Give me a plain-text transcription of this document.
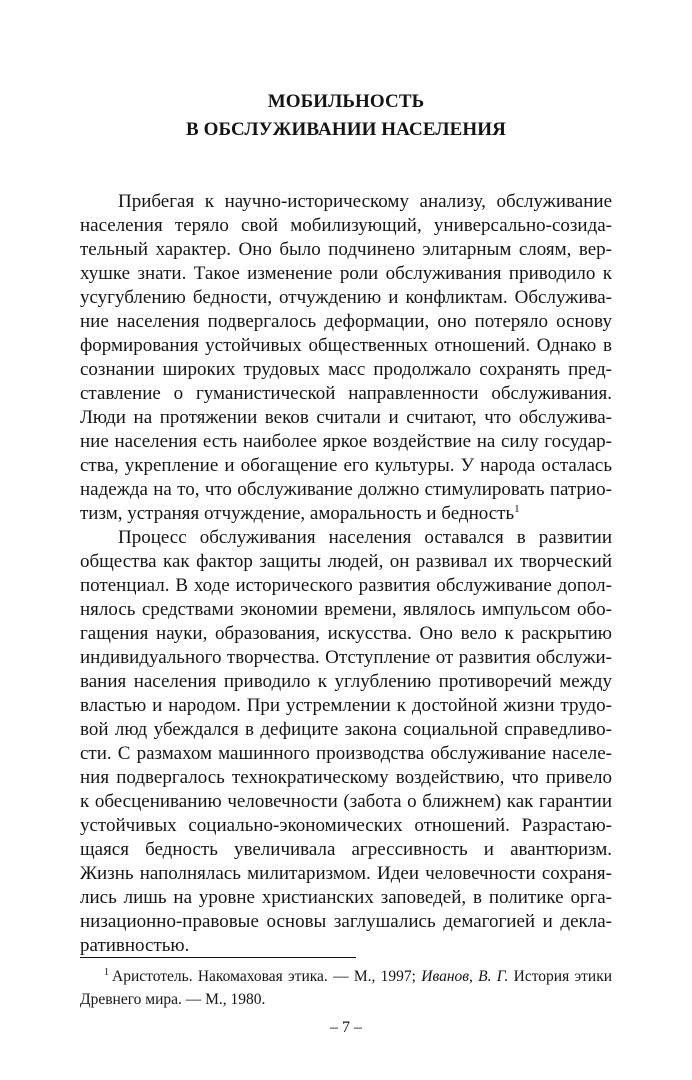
МОБИЛЬНОСТЬ
В ОБСЛУЖИВАНИИ НАСЕЛЕНИЯ
Прибегая к научно-историческому анализу, обслуживание
населения теряло свой мобилизующий, универсально-созида-
тельный характер. Оно было подчинено элитарным слоям, вер-
хушке знати. Такое изменение роли обслуживания приводило к
усугублению бедности, отчуждению и конфликтам. Обслужива-
ние населения подвергалось деформации, оно потеряло основу
формирования устойчивых общественных отношений. Однако в
сознании широких трудовых масс продолжало сохранять пред-
ставление о гуманистической направленности обслуживания.
Люди на протяжении веков считали и считают, что обслужива-
ние населения есть наиболее яркое воздействие на силу государ-
ства, укрепление и обогащение его культуры. У народа осталась
надежда на то, что обслуживание должно стимулировать патрио-
тизм, устраняя отчуждение, аморальность и бедность$^1$
Процесс обслуживания населения оставался в развитии
общества как фактор защиты людей, он развивал их творческий
потенциал. В ходе исторического развития обслуживание допол-
нялось средствами экономии времени, являлось импульсом обо-
гащения науки, образования, искусства. Оно вело к раскрытию
индивидуального творчества. Отступление от развития обслужи-
вания населения приводило к углублению противоречий между
властью и народом. При устремлении к достойной жизни трудо-
вой люд убеждался в дефиците закона социальной справедливо-
сти. С размахом машинного производства обслуживание населе-
ния подвергалось технократическому воздействию, что привело
к обесцениванию человечности (забота о ближнем) как гарантии
устойчивых социально-экономических отношений. Разрастаю-
щаяся бедность увеличивала агрессивность и авантюризм.
Жизнь наполнялась милитаризмом. Идеи человечности сохраня-
лись лишь на уровне христианских заповедей, в политике орга-
низационно-правовые основы заглушались демагогией и декла-
ративностью.
$^1$ Аристотель. Накомаховая этика. — М., 1997; Иванов, В. Г. История этики
Древнего мира. — М., 1980.
– 7 –
